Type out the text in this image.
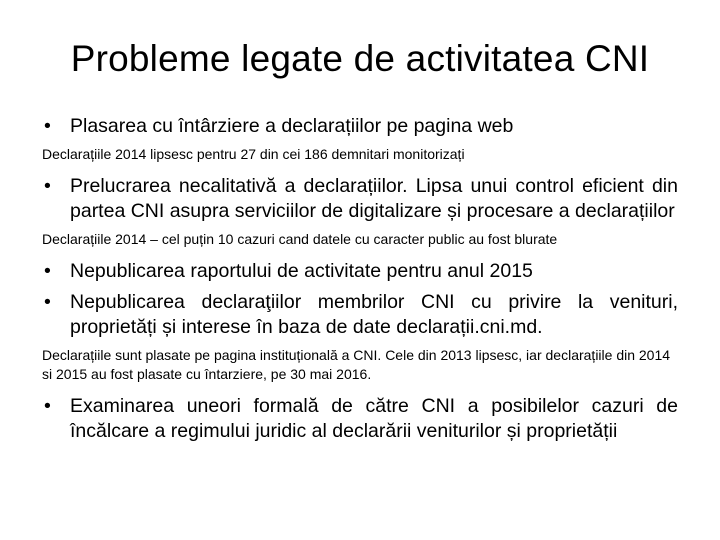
Probleme legate de activitatea CNI
• Plasarea cu întârziere a declarațiilor pe pagina web
Declarațiile 2014 lipsesc pentru 27 din cei 186 demnitari monitorizați
• Prelucrarea necalitativă a declarațiilor. Lipsa unui control eficient din partea CNI asupra serviciilor de digitalizare și procesare a declarațiilor
Declarațiile 2014 – cel puțin 10 cazuri cand datele cu caracter public au fost blurate
• Nepublicarea raportului de activitate pentru anul 2015
• Nepublicarea declaraţiilor membrilor CNI cu privire la venituri, proprietăți și interese în baza de date declarații.cni.md.
Declarațiile sunt plasate pe pagina instituțională a CNI. Cele din 2013 lipsesc, iar declarațiile din 2014 si 2015 au fost plasate cu întarziere, pe 30 mai 2016.
• Examinarea uneori formală de către CNI a posibilelor cazuri de încălcare a regimului juridic al declarării veniturilor și proprietății
